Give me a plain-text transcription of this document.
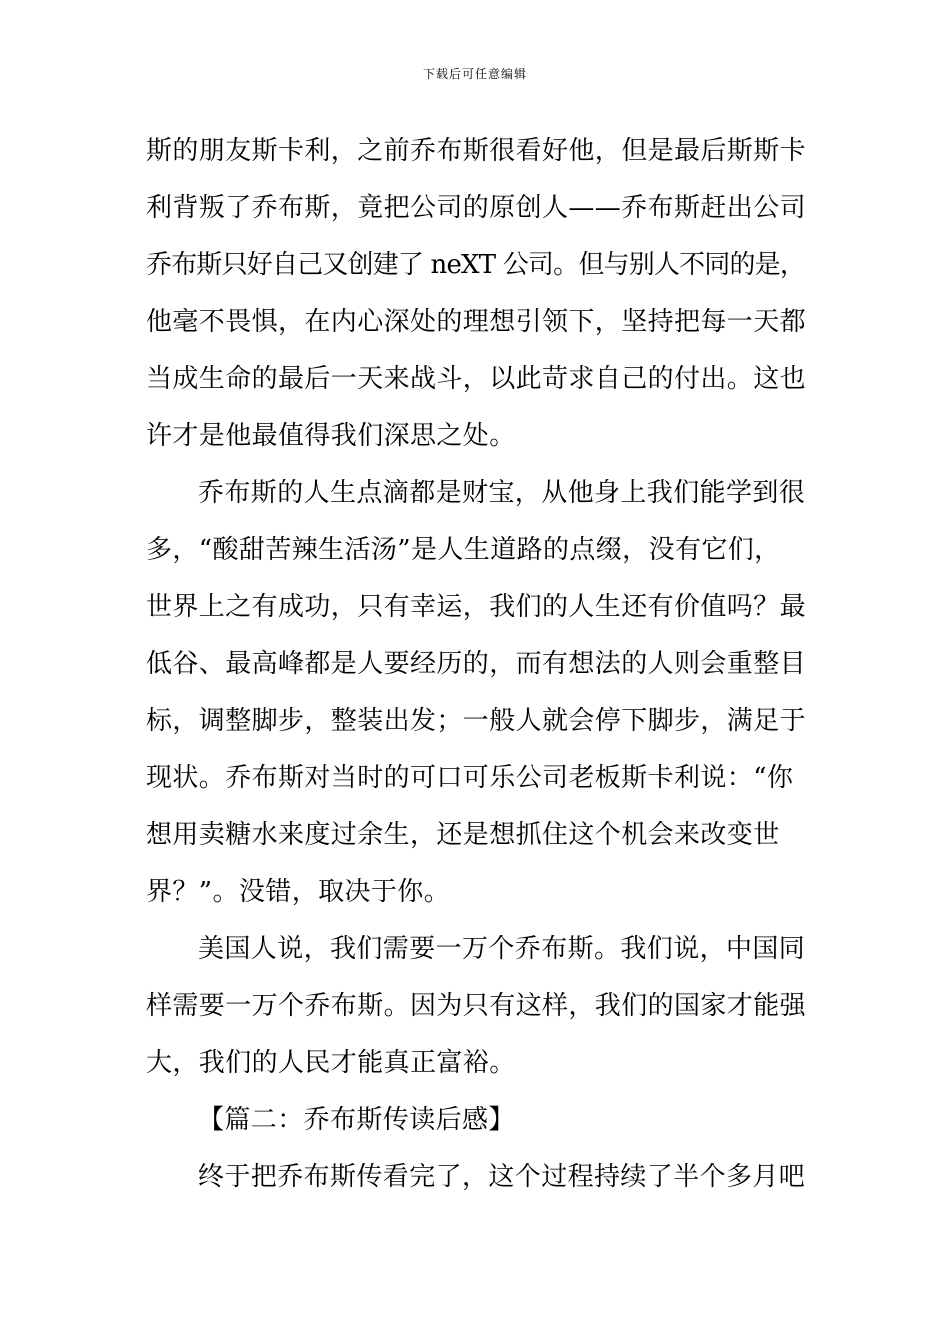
下载后可任意编辑
斯的朋友斯卡利，之前乔布斯很看好他，但是最后斯斯卡
利背叛了乔布斯，竟把公司的原创人——乔布斯赶出公司
乔布斯只好自己又创建了 neXT 公司。但与别人不同的是，
他毫不畏惧，在内心深处的理想引领下，坚持把每一天都
当成生命的最后一天来战斗，以此苛求自己的付出。这也
许才是他最值得我们深思之处。
乔布斯的人生点滴都是财宝，从他身上我们能学到很
多，“酸甜苦辣生活汤”是人生道路的点缀，没有它们，
世界上之有成功，只有幸运，我们的人生还有价值吗？最
低谷、最高峰都是人要经历的，而有想法的人则会重整目
标，调整脚步，整装出发；一般人就会停下脚步，满足于
现状。乔布斯对当时的可口可乐公司老板斯卡利说：“你
想用卖糖水来度过余生，还是想抓住这个机会来改变世
界？”。没错，取决于你。
美国人说，我们需要一万个乔布斯。我们说，中国同
样需要一万个乔布斯。因为只有这样，我们的国家才能强
大，我们的人民才能真正富裕。
【篇二：乔布斯传读后感】
终于把乔布斯传看完了，这个过程持续了半个多月吧
